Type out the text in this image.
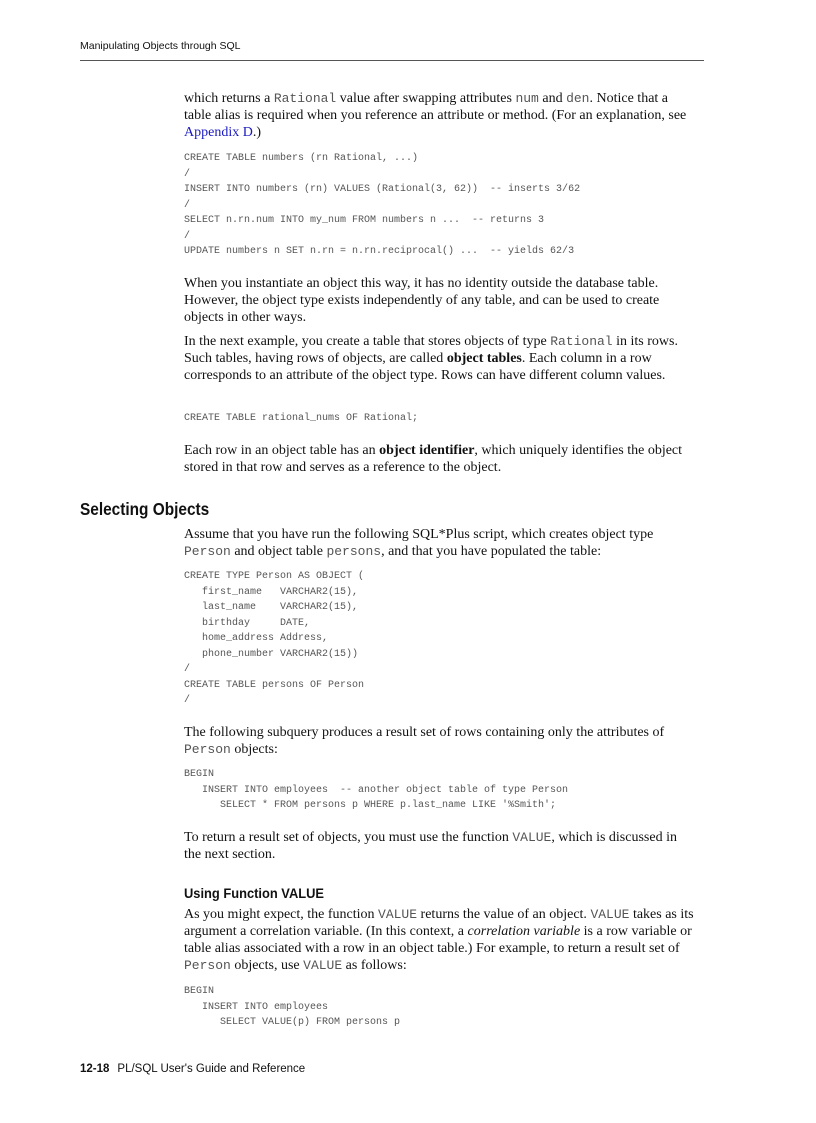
Manipulating Objects through SQL

which returns a Rational value after swapping attributes num and den. Notice that a table alias is required when you reference an attribute or method. (For an explanation, see Appendix D.)

CREATE TABLE numbers (rn Rational, ...)
/
INSERT INTO numbers (rn) VALUES (Rational(3, 62))  -- inserts 3/62
/
SELECT n.rn.num INTO my_num FROM numbers n ...  -- returns 3
/
UPDATE numbers n SET n.rn = n.rn.reciprocal() ...  -- yields 62/3

When you instantiate an object this way, it has no identity outside the database table. However, the object type exists independently of any table, and can be used to create objects in other ways.

In the next example, you create a table that stores objects of type Rational in its rows. Such tables, having rows of objects, are called object tables. Each column in a row corresponds to an attribute of the object type. Rows can have different column values.

CREATE TABLE rational_nums OF Rational;

Each row in an object table has an object identifier, which uniquely identifies the object stored in that row and serves as a reference to the object.

Selecting Objects

Assume that you have run the following SQL*Plus script, which creates object type Person and object table persons, and that you have populated the table:

CREATE TYPE Person AS OBJECT (
first_name   VARCHAR2(15),
last_name    VARCHAR2(15),
birthday     DATE,
home_address Address,
phone_number VARCHAR2(15))
/
CREATE TABLE persons OF Person
/

The following subquery produces a result set of rows containing only the attributes of Person objects:

BEGIN
INSERT INTO employees  -- another object table of type Person
SELECT * FROM persons p WHERE p.last_name LIKE '%Smith';

To return a result set of objects, you must use the function VALUE, which is discussed in the next section.

Using Function VALUE

As you might expect, the function VALUE returns the value of an object. VALUE takes as its argument a correlation variable. (In this context, a correlation variable is a row variable or table alias associated with a row in an object table.) For example, to return a result set of Person objects, use VALUE as follows:

BEGIN
INSERT INTO employees
SELECT VALUE(p) FROM persons p
12-18 PL/SQL User's Guide and Reference
